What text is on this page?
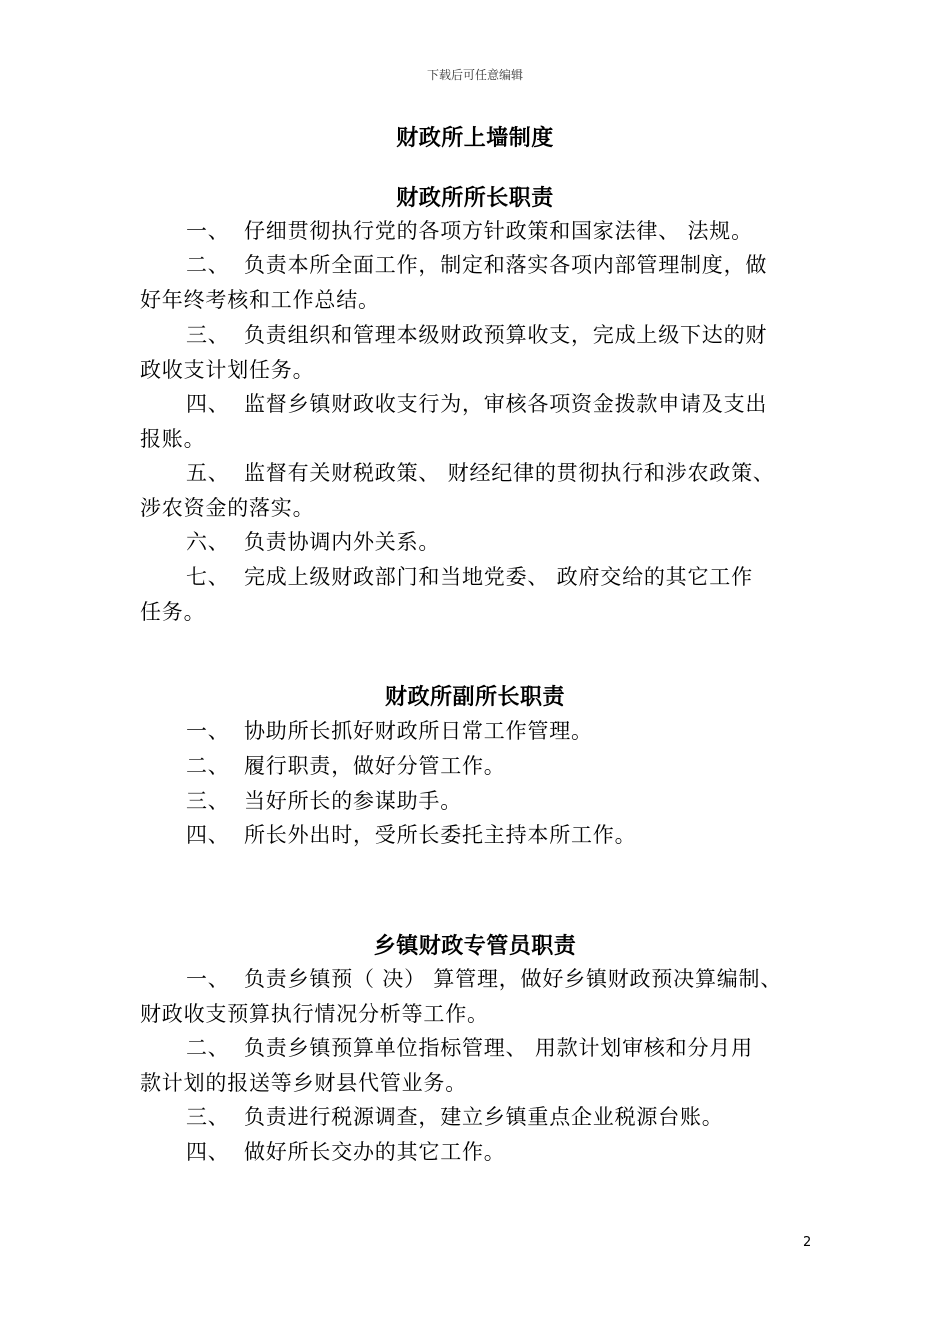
下载后可任意编辑
财政所上墙制度
财政所所长职责

一、 仔细贯彻执行党的各项方针政策和国家法律、 法规。

二、 负责本所全面工作，制定和落实各项内部管理制度，做
好年终考核和工作总结。

三、 负责组织和管理本级财政预算收支，完成上级下达的财
政收支计划任务。

四、 监督乡镇财政收支行为，审核各项资金拨款申请及支出
报账。

五、 监督有关财税政策、 财经纪律的贯彻执行和涉农政策、
涉农资金的落实。

六、 负责协调内外关系。

七、 完成上级财政部门和当地党委、 政府交给的其它工作
任务。

财政所副所长职责

一、 协助所长抓好财政所日常工作管理。

二、 履行职责，做好分管工作。

三、 当好所长的参谋助手。

四、 所长外出时，受所长委托主持本所工作。

乡镇财政专管员职责

一、 负责乡镇预（ 决） 算管理，做好乡镇财政预决算编制、
财政收支预算执行情况分析等工作。

二、 负责乡镇预算单位指标管理、 用款计划审核和分月用
款计划的报送等乡财县代管业务。

三、 负责进行税源调查，建立乡镇重点企业税源台账。

四、 做好所长交办的其它工作。

2
